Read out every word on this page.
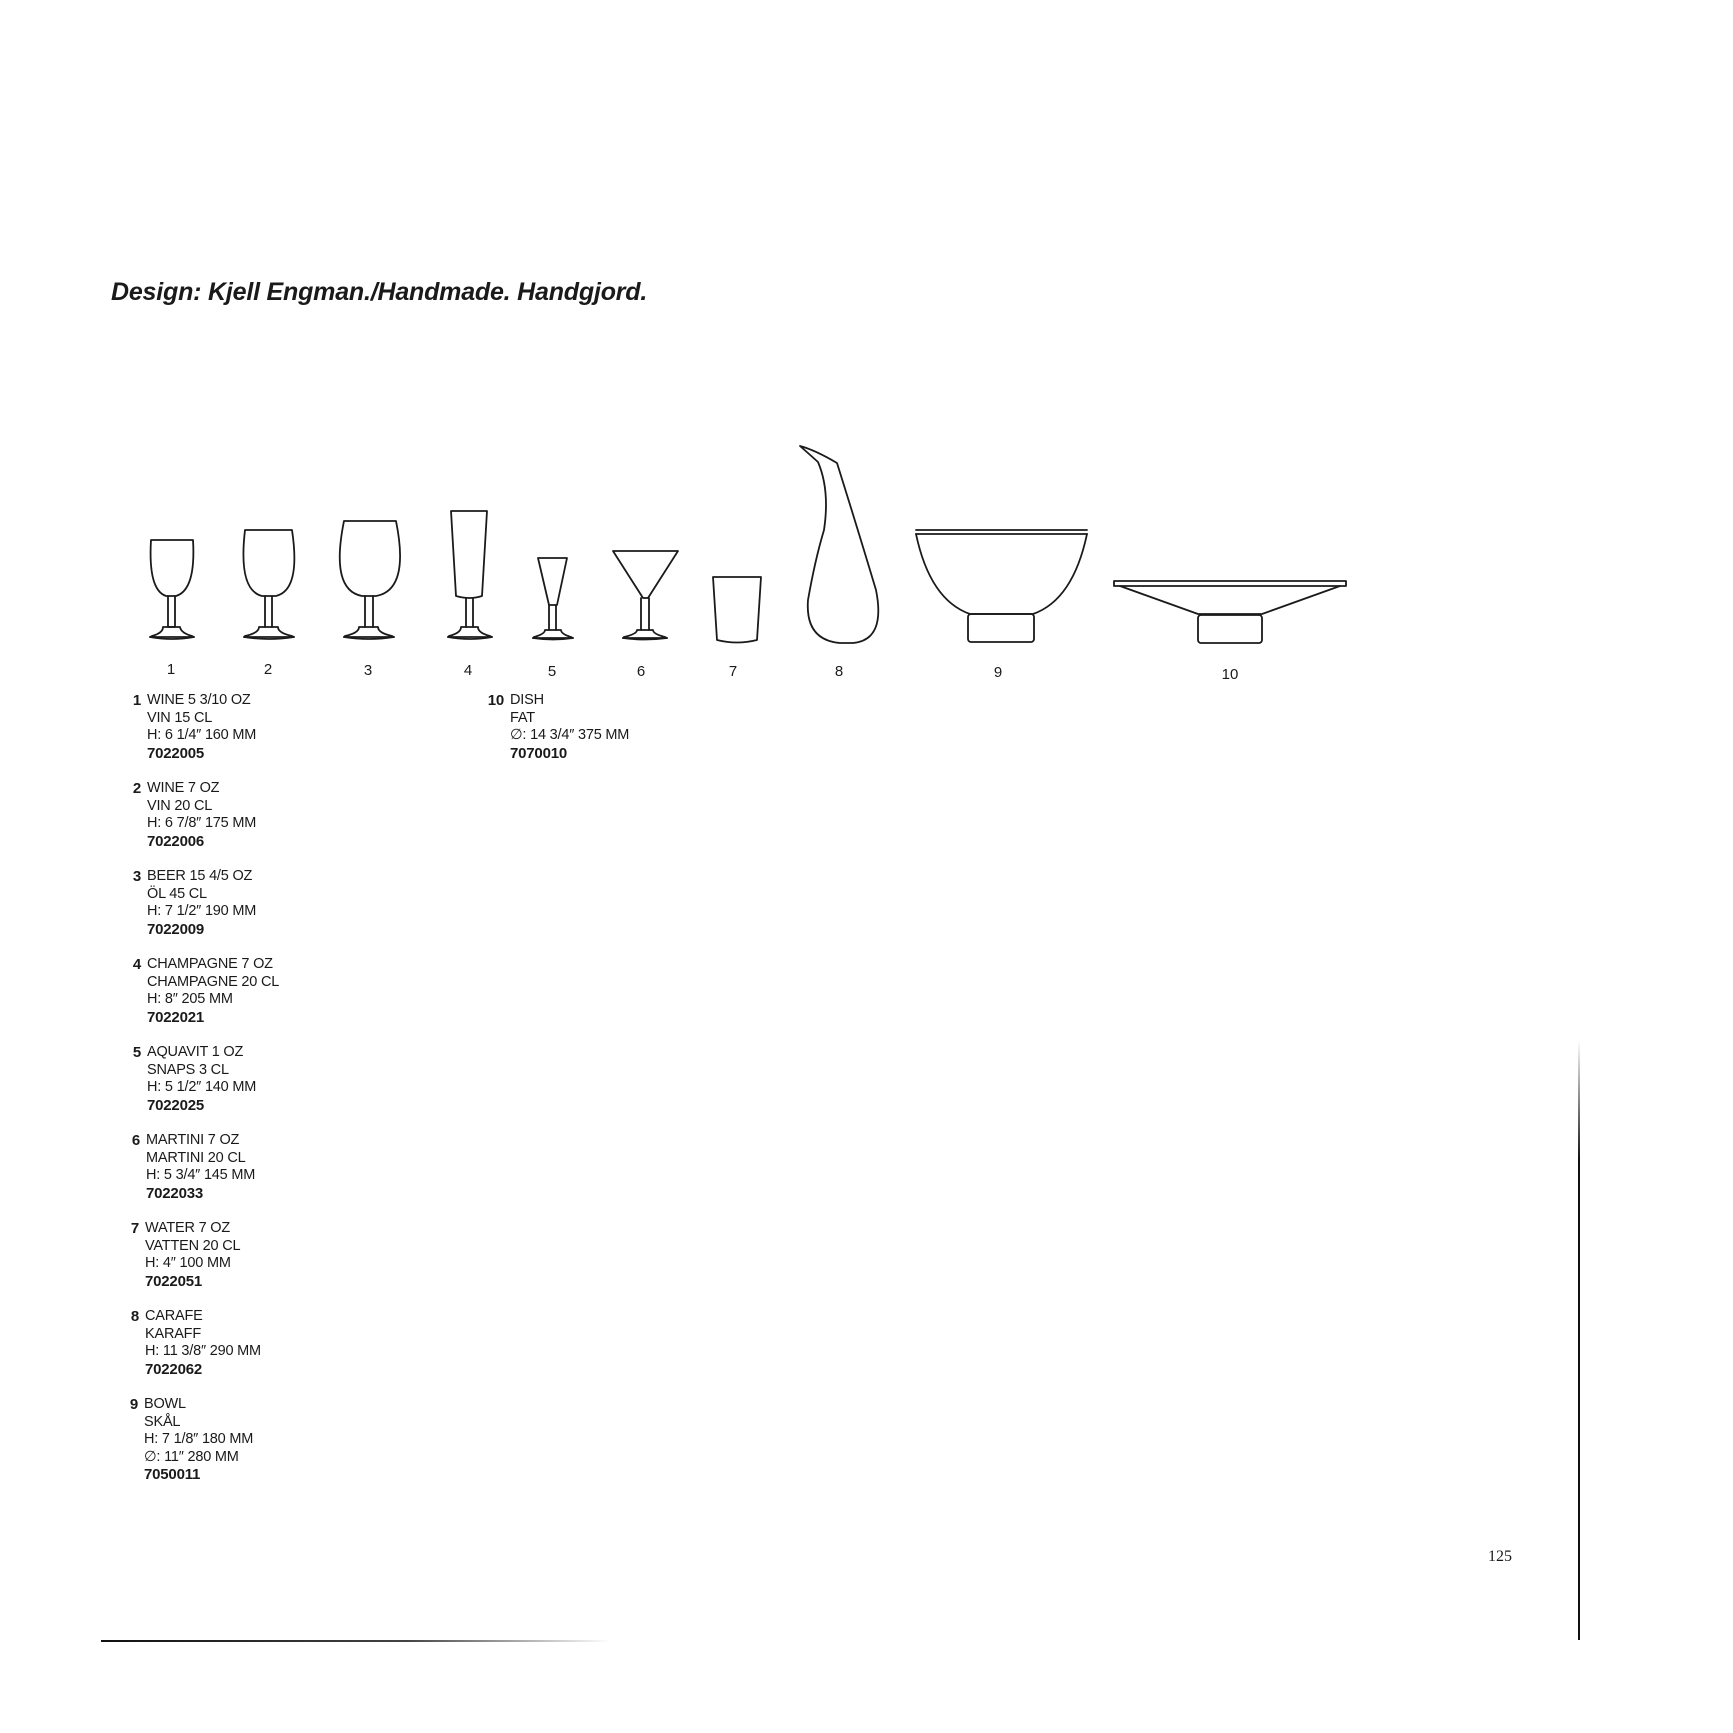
Design: Kjell Engman./Handmade. Handgjord.
1	2	3	4	5	6	7	8	9	10
1 WINE 5 3/10 OZ
VIN 15 CL
H: 6 1/4″ 160 MM
7022005
2 WINE 7 OZ
VIN 20 CL
H: 6 7/8″ 175 MM
7022006
3 BEER 15 4/5 OZ
ÖL 45 CL
H: 7 1/2″ 190 MM
7022009
4 CHAMPAGNE 7 OZ
CHAMPAGNE 20 CL
H: 8″ 205 MM
7022021
5 AQUAVIT 1 OZ
SNAPS 3 CL
H: 5 1/2″ 140 MM
7022025
6 MARTINI 7 OZ
MARTINI 20 CL
H: 5 3/4″ 145 MM
7022033
7 WATER 7 OZ
VATTEN 20 CL
H: 4″ 100 MM
7022051
8 CARAFE
KARAFF
H: 11 3/8″ 290 MM
7022062
9 BOWL
SKÅL
H: 7 1/8″ 180 MM
∅: 11″ 280 MM
7050011
10 DISH
FAT
∅: 14 3/4″ 375 MM
7070010
125
